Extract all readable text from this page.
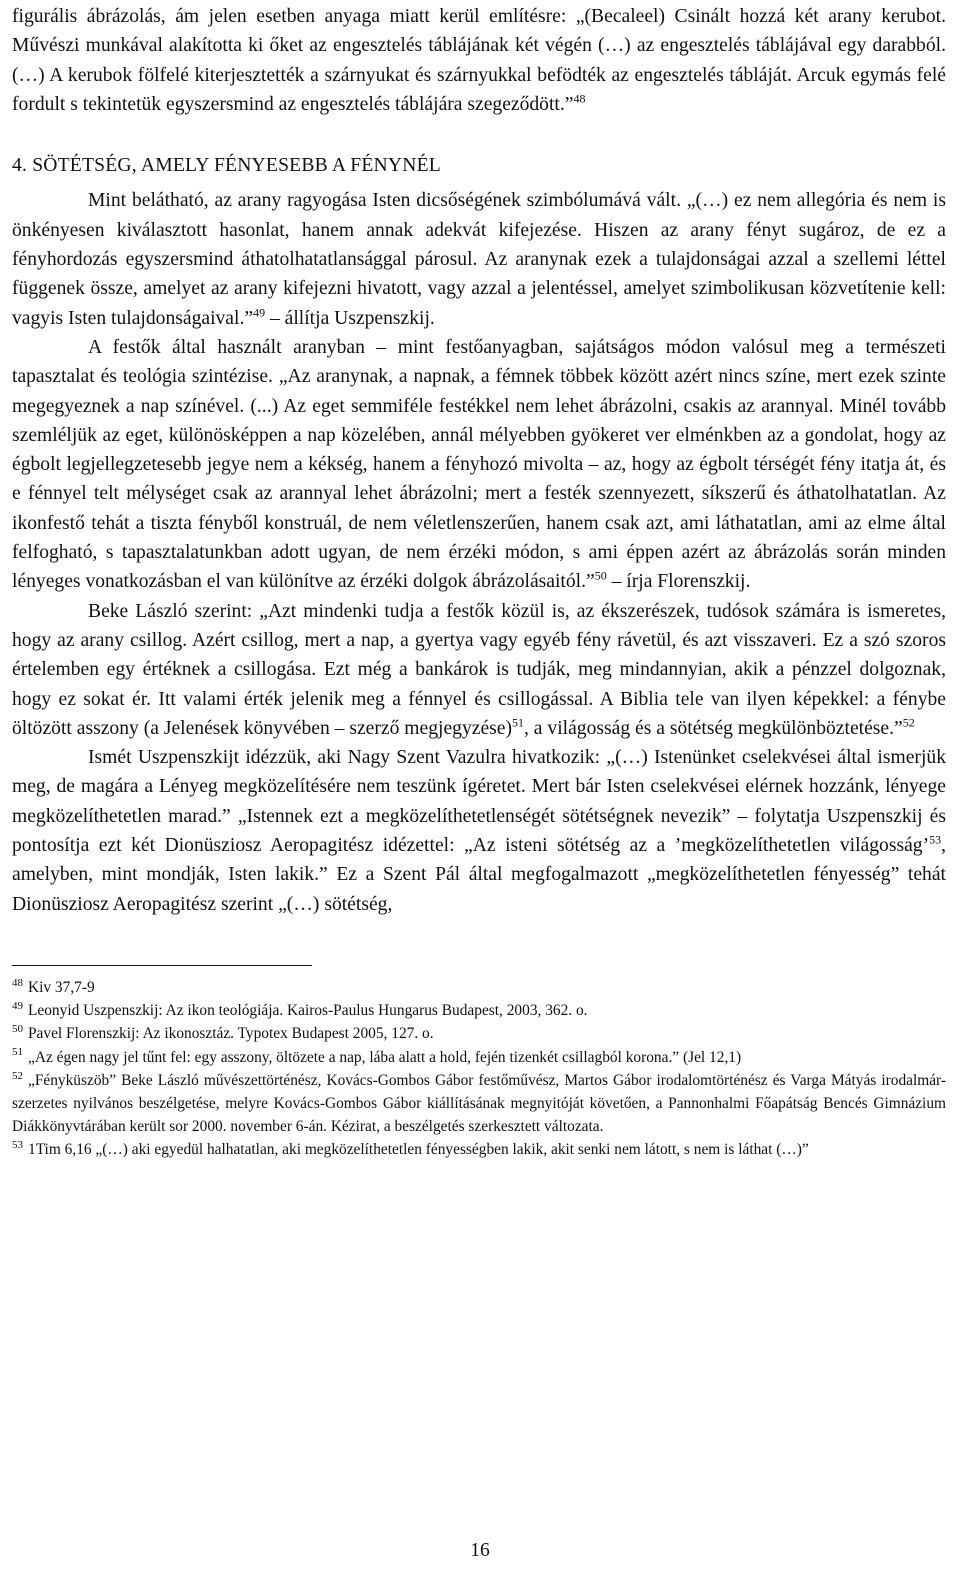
figurális ábrázolás, ám jelen esetben anyaga miatt kerül említésre: „(Becaleel) Csinált hozzá két arany kerubot. Művészi munkával alakította ki őket az engesztelés táblájának két végén (…) az engesztelés táblájával egy darabból. (…) A kerubok fölfelé kiterjesztették a szárnyukat és szárnyukkal befödték az engesztelés tábláját. Arcuk egymás felé fordult s tekintetük egyszersmind az engesztelés táblájára szegeződött.”$^{48}$

4. SÖTÉTSÉG, AMELY FÉNYESEBB A FÉNYNÉL

Mint belátható, az arany ragyogása Isten dicsőségének szimbólumává vált. „(…) ez nem allegória és nem is önkényesen kiválasztott hasonlat, hanem annak adekvát kifejezése. Hiszen az arany fényt sugároz, de ez a fényhordozás egyszersmind áthatolhatatlansággal párosul. Az aranynak ezek a tulajdonságai azzal a szellemi léttel függenek össze, amelyet az arany kifejezni hivatott, vagy azzal a jelentéssel, amelyet szimbolikusan közvetítenie kell: vagyis Isten tulajdonságaival.”$^{49}$ – állítja Uszpenszkij.

A festők által használt aranyban – mint festőanyagban, sajátságos módon valósul meg a természeti tapasztalat és teológia szintézise. „Az aranynak, a napnak, a fémnek többek között azért nincs színe, mert ezek szinte megegyeznek a nap színével. (...) Az eget semmiféle festékkel nem lehet ábrázolni, csakis az arannyal. Minél tovább szemléljük az eget, különösképpen a nap közelében, annál mélyebben gyökeret ver elménkben az a gondolat, hogy az égbolt legjellegzetesebb jegye nem a kékség, hanem a fényhozó mivolta – az, hogy az égbolt térségét fény itatja át, és e fénnyel telt mélységet csak az arannyal lehet ábrázolni; mert a festék szennyezett, síkszerű és áthatolhatatlan. Az ikonfestő tehát a tiszta fényből konstruál, de nem véletlenszerűen, hanem csak azt, ami láthatatlan, ami az elme által felfogható, s tapasztalatunkban adott ugyan, de nem érzéki módon, s ami éppen azért az ábrázolás során minden lényeges vonatkozásban el van különítve az érzéki dolgok ábrázolásaitól.”$^{50}$ – írja Florenszkij.

Beke László szerint: „Azt mindenki tudja a festők közül is, az ékszerészek, tudósok számára is ismeretes, hogy az arany csillog. Azért csillog, mert a nap, a gyertya vagy egyéb fény rávetül, és azt visszaveri. Ez a szó szoros értelemben egy értéknek a csillogása. Ezt még a bankárok is tudják, meg mindannyian, akik a pénzzel dolgoznak, hogy ez sokat ér. Itt valami érték jelenik meg a fénnyel és csillogással. A Biblia tele van ilyen képekkel: a fénybe öltözött asszony (a Jelenések könyvében – szerző megjegyzése)$^{51}$, a világosság és a sötétség megkülönböztetése.”$^{52}$

Ismét Uszpenszkijt idézzük, aki Nagy Szent Vazulra hivatkozik: „(…) Istenünket cselekvései által ismerjük meg, de magára a Lényeg megközelítésére nem teszünk ígéretet. Mert bár Isten cselekvései elérnek hozzánk, lényege megközelíthetetlen marad.” „Istennek ezt a megközelíthetetlenségét sötétségnek nevezik” – folytatja Uszpenszkij és pontosítja ezt két Dionüsziosz Aeropagitész idézettel: „Az isteni sötétség az a ’megközelíthetetlen világosság’$^{53}$, amelyben, mint mondják, Isten lakik.” Ez a Szent Pál által megfogalmazott „megközelíthetetlen fényesség” tehát Dionüsziosz Aeropagitész szerint „(…) sötétség,

$^{48}$ Kiv 37,7-9

$^{49}$ Leonyid Uszpenszkij: Az ikon teológiája. Kairos-Paulus Hungarus Budapest, 2003, 362. o.

$^{50}$ Pavel Florenszkij: Az ikonosztáz. Typotex Budapest 2005, 127. o.

$^{51}$ „Az égen nagy jel tűnt fel: egy asszony, öltözete a nap, lába alatt a hold, fején tizenkét csillagból korona.” (Jel 12,1)

$^{52}$ „Fényküszöb” Beke László művészettörténész, Kovács-Gombos Gábor festőművész, Martos Gábor irodalomtörténész és Varga Mátyás irodalmár-szerzetes nyilvános beszélgetése, melyre Kovács-Gombos Gábor kiállításának megnyitóját követően, a Pannonhalmi Főapátság Bencés Gimnázium Diákkönyvtárában került sor 2000. november 6-án. Kézirat, a beszélgetés szerkesztett változata.

$^{53}$ 1Tim 6,16 „(…) aki egyedül halhatatlan, aki megközelíthetetlen fényességben lakik, akit senki nem látott, s nem is láthat (…)”

16
